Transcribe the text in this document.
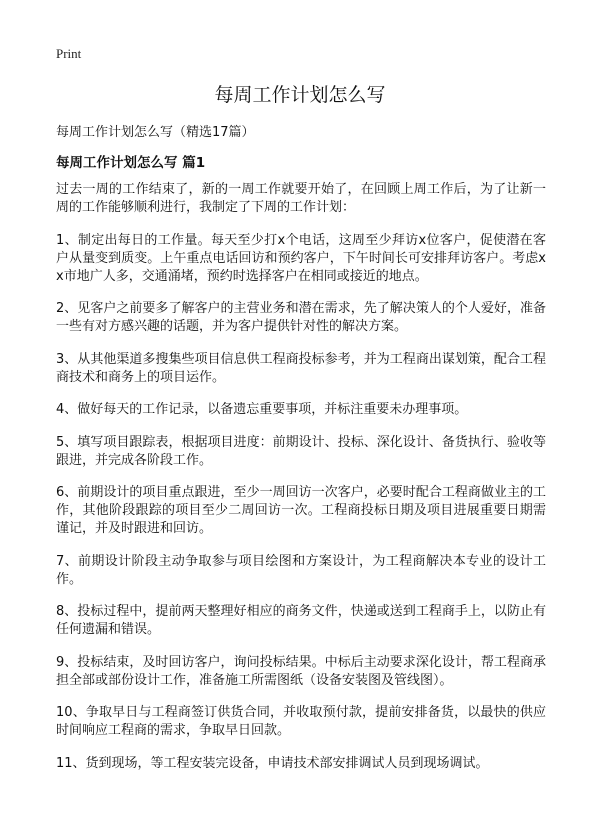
Print
每周工作计划怎么写
每周工作计划怎么写（精选17篇）
每周工作计划怎么写 篇1

过去一周的工作结束了，新的一周工作就要开始了，在回顾上周工作后，为了让新一周的工作能够顺利进行，我制定了下周的工作计划：

1、制定出每日的工作量。每天至少打x个电话，这周至少拜访x位客户，促使潜在客户从量变到质变。上午重点电话回访和预约客户，下午时间长可安排拜访客户。考虑xx市地广人多，交通涌堵，预约时选择客户在相同或接近的地点。

2、见客户之前要多了解客户的主营业务和潜在需求，先了解决策人的个人爱好，准备一些有对方感兴趣的话题，并为客户提供针对性的解决方案。

3、从其他渠道多搜集些项目信息供工程商投标参考，并为工程商出谋划策，配合工程商技术和商务上的项目运作。

4、做好每天的工作记录，以备遗忘重要事项，并标注重要未办理事项。

5、填写项目跟踪表，根据项目进度：前期设计、投标、深化设计、备货执行、验收等跟进，并完成各阶段工作。

6、前期设计的项目重点跟进，至少一周回访一次客户，必要时配合工程商做业主的工作，其他阶段跟踪的项目至少二周回访一次。工程商投标日期及项目进展重要日期需谨记，并及时跟进和回访。

7、前期设计阶段主动争取参与项目绘图和方案设计，为工程商解决本专业的设计工作。

8、投标过程中，提前两天整理好相应的商务文件，快递或送到工程商手上，以防止有任何遗漏和错误。

9、投标结束，及时回访客户，询问投标结果。中标后主动要求深化设计，帮工程商承担全部或部份设计工作，准备施工所需图纸（设备安装图及管线图）。

10、争取早日与工程商签订供货合同，并收取预付款，提前安排备货，以最快的供应时间响应工程商的需求，争取早日回款。

11、货到现场，等工程安装完设备，申请技术部安排调试人员到现场调试。
